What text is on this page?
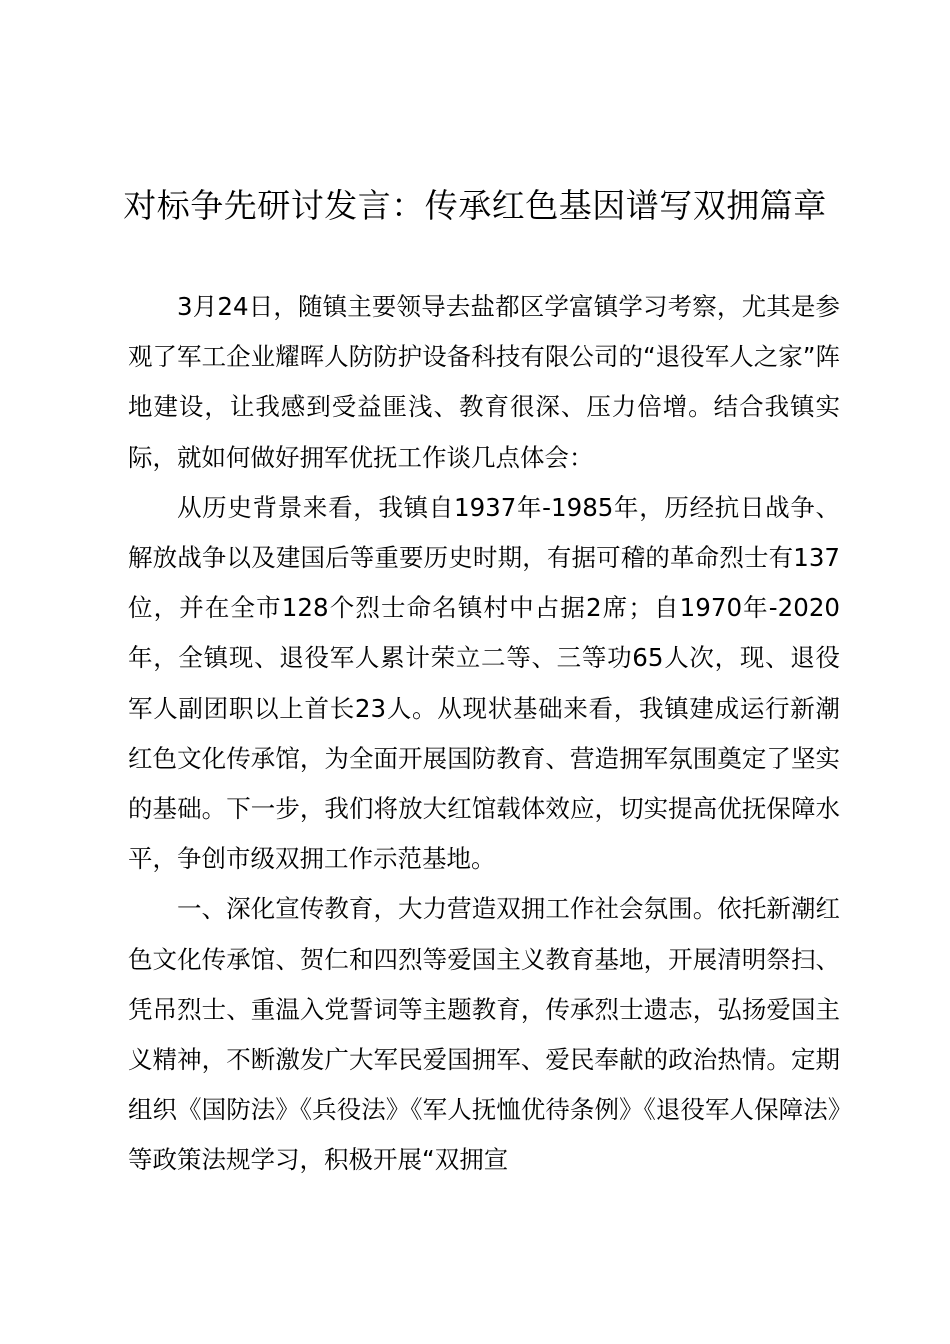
对标争先研讨发言：传承红色基因谱写双拥篇章

3月24日，随镇主要领导去盐都区学富镇学习考察，尤其是参观了军工企业耀晖人防防护设备科技有限公司的“退役军人之家”阵地建设，让我感到受益匪浅、教育很深、压力倍增。结合我镇实际，就如何做好拥军优抚工作谈几点体会：

从历史背景来看，我镇自1937年-1985年，历经抗日战争、解放战争以及建国后等重要历史时期，有据可稽的革命烈士有137位，并在全市128个烈士命名镇村中占据2席；自1970年-2020年，全镇现、退役军人累计荣立二等、三等功65人次，现、退役军人副团职以上首长23人。从现状基础来看，我镇建成运行新潮红色文化传承馆，为全面开展国防教育、营造拥军氛围奠定了坚实的基础。下一步，我们将放大红馆载体效应，切实提高优抚保障水平，争创市级双拥工作示范基地。

一、深化宣传教育，大力营造双拥工作社会氛围。依托新潮红色文化传承馆、贺仁和四烈等爱国主义教育基地，开展清明祭扫、凭吊烈士、重温入党誓词等主题教育，传承烈士遗志，弘扬爱国主义精神，不断激发广大军民爱国拥军、爱民奉献的政治热情。定期组织《国防法》《兵役法》《军人抚恤优待条例》《退役军人保障法》等政策法规学习，积极开展“双拥宣
